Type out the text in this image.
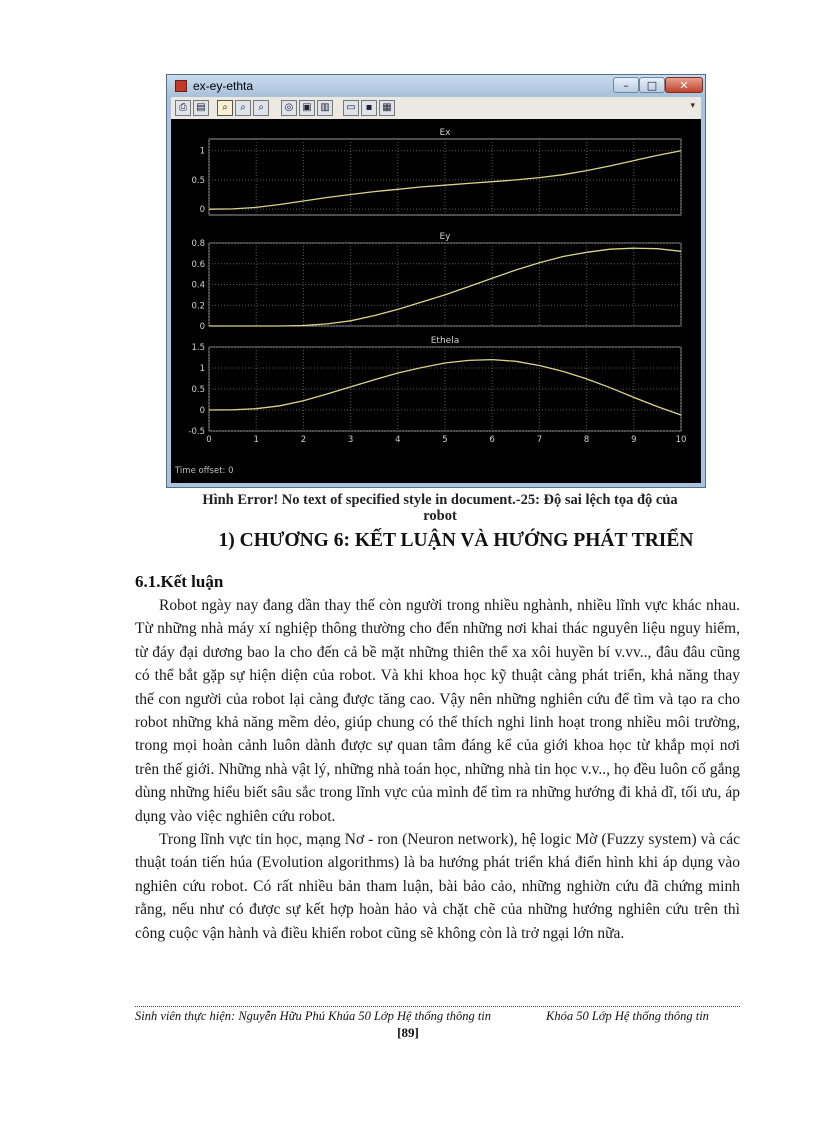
ex-ey-ethta	–	□	✕
⎙ ▤	⌕	⌕	⌕	◎ ▣ ▥	▭ ▪ ▦	▾
Ex
0
0.5
1
Ey
0
0.2
0.4
0.6
0.8
Ethela
-0.5
0
0.5
1
1.5
0	1	2	3	4	5	6	7	8	9	10
Time offset: 0
Hình Error! No text of specified style in document.-25: Độ sai lệch tọa độ của
robot
1) CHƯƠNG 6: KẾT LUẬN VÀ HƯỚNG PHÁT TRIỂN
6.1.Kết luận

Robot ngày nay đang dần thay thế còn người trong nhiều nghành, nhiều lĩnh vực khác nhau. Từ những nhà máy xí nghiệp thông thường cho đến những nơi khai thác nguyên liệu nguy hiểm, từ đáy đại dương bao la cho đến cả bề mặt những thiên thể xa xôi huyền bí v.vv.., đâu đâu cũng có thể bắt gặp sự hiện diện của robot. Và khi khoa học kỹ thuật càng phát triển, khả năng thay thế con người của robot lại càng được tăng cao. Vậy nên những nghiên cứu để tìm và tạo ra cho robot những khả năng mềm dẻo, giúp chung có thể thích nghi linh hoạt trong nhiều môi trường, trong mọi hoàn cảnh luôn dành được sự quan tâm đáng kể của giới khoa học từ khắp mọi nơi trên thế giới. Những nhà vật lý, những nhà toán học, những nhà tin học v.v.., họ đều luôn cố gắng dùng những hiểu biết sâu sắc trong lĩnh vực của mình để tìm ra những hướng đi khả dĩ, tối ưu, áp dụng vào việc nghiên cứu robot.

Trong lĩnh vực tin học, mạng Nơ - ron (Neuron network), hệ logic Mờ (Fuzzy system) và các thuật toán tiến húa (Evolution algorithms) là ba hướng phát triển khá điển hình khi áp dụng vào nghiên cứu robot. Có rất nhiều bản tham luận, bài bảo cảo, những nghiờn cứu đã chứng minh rằng, nếu như có được sự kết hợp hoàn hảo và chặt chẽ của những hướng nghiên cứu trên thì công cuộc vận hành và điều khiển robot cũng sẽ không còn là trở ngại lớn nữa.

Sinh viên thực hiện: Nguyễn Hữu Phú Khúa 50 Lớp Hệ thống thông tin	Khóa 50 Lớp Hệ thống thông tin
[89]
